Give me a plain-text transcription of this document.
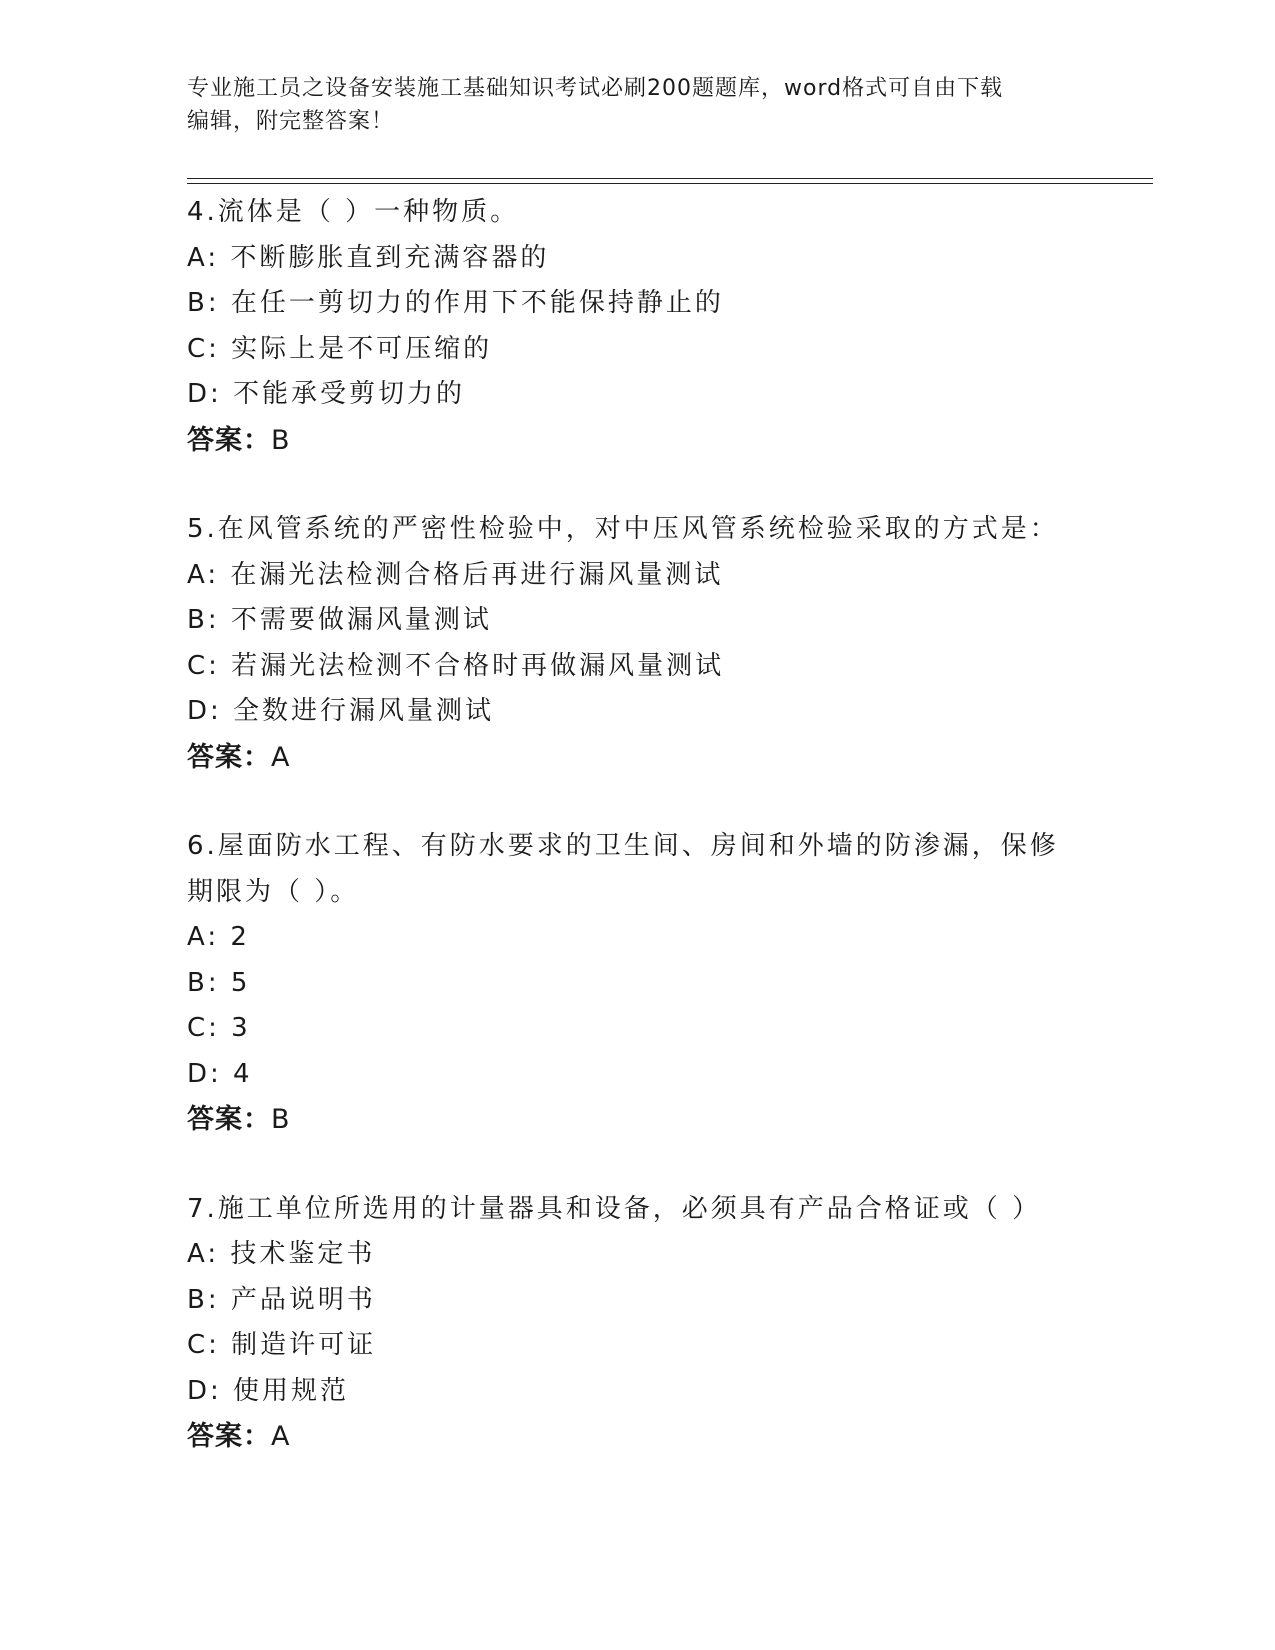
专业施工员之设备安装施工基础知识考试必刷200题题库，word格式可自由下载
编辑，附完整答案！
4.流体是（ ）一种物质。
A: 不断膨胀直到充满容器的
B: 在任一剪切力的作用下不能保持静止的
C: 实际上是不可压缩的
D: 不能承受剪切力的
答案：B
5.在风管系统的严密性检验中，对中压风管系统检验采取的方式是：
A: 在漏光法检测合格后再进行漏风量测试
B: 不需要做漏风量测试
C: 若漏光法检测不合格时再做漏风量测试
D: 全数进行漏风量测试
答案：A
6.屋面防水工程、有防水要求的卫生间、房间和外墙的防渗漏，保修期限为（ ）。
A: 2
B: 5
C: 3
D: 4
答案：B
7.施工单位所选用的计量器具和设备，必须具有产品合格证或（ ）
A: 技术鉴定书
B: 产品说明书
C: 制造许可证
D: 使用规范
答案：A
